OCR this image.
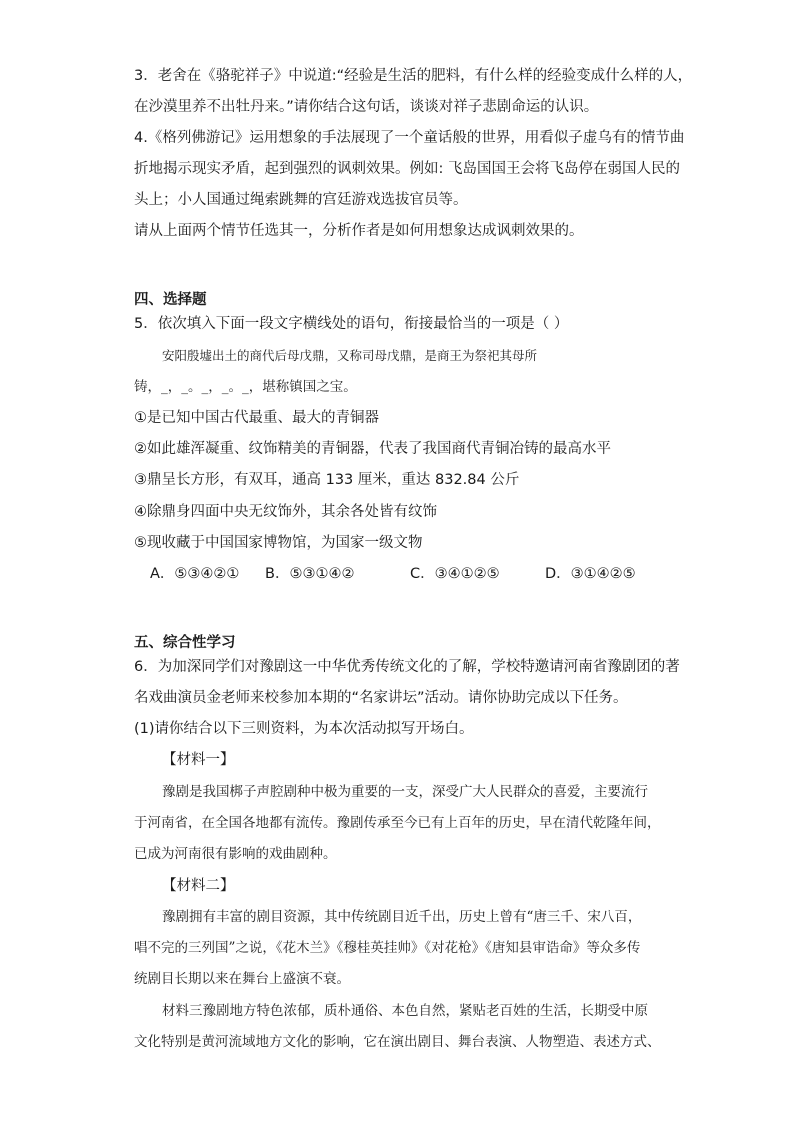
3．老舍在《骆驼祥子》中说道:“经验是生活的肥料，有什么样的经验变成什么样的人，
在沙漠里养不出牡丹来。”请你结合这句话，谈谈对祥子悲剧命运的认识。
4.《格列佛游记》运用想象的手法展现了一个童话般的世界，用看似子虚乌有的情节曲
折地揭示现实矛盾，起到强烈的讽刺效果。例如: 飞岛国国王会将飞岛停在弱国人民的
头上；小人国通过绳索跳舞的宫廷游戏选拔官员等。
请从上面两个情节任选其一，分析作者是如何用想象达成讽刺效果的。
四、选择题
5．依次填入下面一段文字横线处的语句，衔接最恰当的一项是（ ）
安阳殷墟出土的商代后母戊鼎，又称司母戊鼎，是商王为祭祀其母所
铸，_，_。_，_。_，堪称镇国之宝。
①是已知中国古代最重、最大的青铜器
②如此雄浑凝重、纹饰精美的青铜器，代表了我国商代青铜冶铸的最高水平
③鼎呈长方形，有双耳，通高 133 厘米，重达 832.84 公斤
④除鼎身四面中央无纹饰外，其余各处皆有纹饰
⑤现收藏于中国国家博物馆，为国家一级文物
A．⑤③④②① B．⑤③①④②	C．③④①②⑤	D．③①④②⑤
五、综合性学习
6．为加深同学们对豫剧这一中华优秀传统文化的了解，学校特邀请河南省豫剧团的著
名戏曲演员金老师来校参加本期的“名家讲坛”活动。请你协助完成以下任务。
(1)请你结合以下三则资料，为本次活动拟写开场白。
【材料一】
豫剧是我国梆子声腔剧种中极为重要的一支，深受广大人民群众的喜爱，主要流行
于河南省，在全国各地都有流传。豫剧传承至今已有上百年的历史，早在清代乾隆年间，
已成为河南很有影响的戏曲剧种。
【材料二】
豫剧拥有丰富的剧目资源，其中传统剧目近千出，历史上曾有“唐三千、宋八百，
唱不完的三列国”之说，《花木兰》《穆桂英挂帅》《对花枪》《唐知县审诰命》等众多传
统剧目长期以来在舞台上盛演不衰。
材料三豫剧地方特色浓郁，质朴通俗、本色自然，紧贴老百姓的生活，长期受中原
文化特别是黄河流域地方文化的影响，它在演出剧目、舞台表演、人物塑造、表述方式、
